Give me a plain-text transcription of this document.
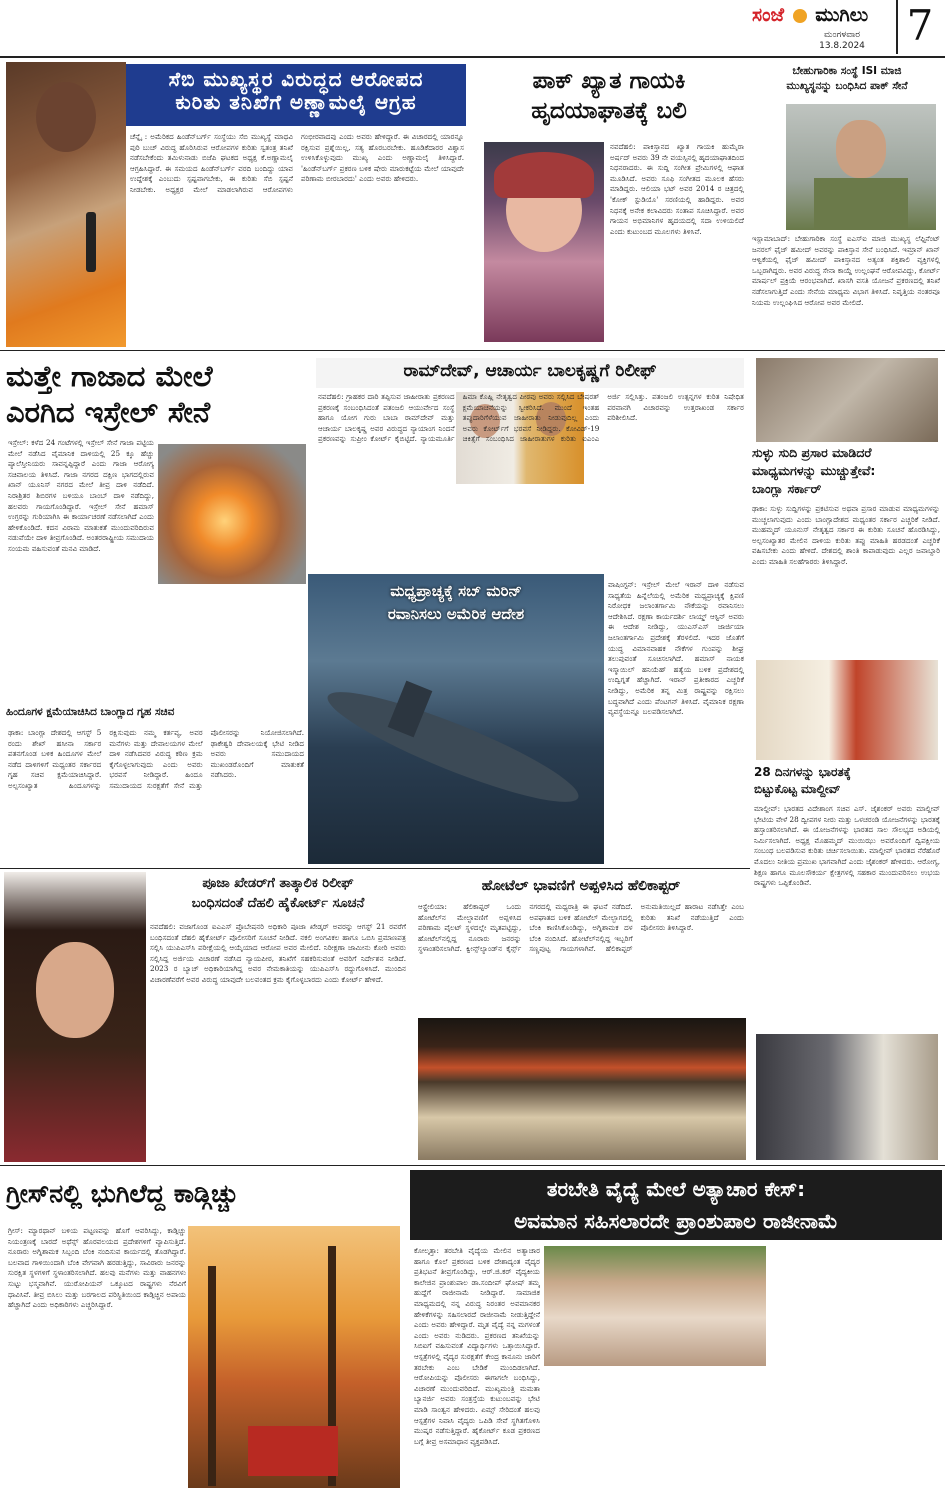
ಸಂಜೆ ಮುಗಿಲು
ಮಂಗಳವಾರ
13.8.2024 7
ಸೆಬಿ ಮುಖ್ಯಸ್ಥರ ವಿರುದ್ಧದ ಆರೋಪದ
ಕುರಿತು ತನಿಖೆಗೆ ಅಣ್ಣಾಮಲೈ ಆಗ್ರಹ
ಚೆನ್ನೈ : ಅಮೆರಿಕದ ಹಿಂಡೆನ್‌ಬರ್ಗ್ ಸಂಸ್ಥೆಯು ಸೆಬಿ ಮುಖ್ಯಸ್ಥೆ ಮಾಧವಿ ಪುರಿ ಬುಚ್ ವಿರುದ್ಧ ಹೊರಿಸಿರುವ ಆರೋಪಗಳ ಕುರಿತು ಸ್ವತಂತ್ರ ತನಿಖೆ ನಡೆಸಬೇಕೆಂದು ತಮಿಳುನಾಡು ಬಿಜೆಪಿ ಘಟಕದ ಅಧ್ಯಕ್ಷ ಕೆ.ಅಣ್ಣಾಮಲೈ ಆಗ್ರಹಿಸಿದ್ದಾರೆ. ಈ ಸಮಯದ ಹಿಂಡೆನ್‌ಬರ್ಗ್ ವರದಿ ಬಂದಿದ್ದು ಯಾವ ಉದ್ದೇಶಕ್ಕೆ ಎಂಬುದು ಸ್ಪಷ್ಟವಾಗಬೇಕು, ಈ ಕುರಿತು ಸೆಬಿ ಸ್ಪಷ್ಟನೆ ನೀಡಬೇಕು. ಅಧ್ಯಕ್ಷರ ಮೇಲೆ ಮಾಡಲಾಗಿರುವ ಆರೋಪಗಳು ಗಂಭೀರವಾದವು ಎಂದು ಅವರು ಹೇಳಿದ್ದಾರೆ. ಈ ವಿಚಾರದಲ್ಲಿ ಯಾರನ್ನೂ ರಕ್ಷಿಸುವ ಪ್ರಶ್ನೆಯಿಲ್ಲ, ಸತ್ಯ ಹೊರಬರಬೇಕು. ಹೂಡಿಕೆದಾರರ ವಿಶ್ವಾಸ ಉಳಿಸಿಕೊಳ್ಳುವುದು ಮುಖ್ಯ ಎಂದು ಅಣ್ಣಾಮಲೈ ತಿಳಿಸಿದ್ದಾರೆ. 'ಹಿಂಡೆನ್‌ಬರ್ಗ್ ಪ್ರಕರಣ ಬಳಿಕ ಷೇರು ಮಾರುಕಟ್ಟೆಯ ಮೇಲೆ ಯಾವುದೇ ಪರಿಣಾಮ ಬೀರಬಾರದು' ಎಂದು ಅವರು ಹೇಳಿದರು.
ಪಾಕ್ ಖ್ಯಾತ ಗಾಯಕಿ
ಹೃದಯಾಘಾತಕ್ಕೆ ಬಲಿ
ನವದೆಹಲಿ: ಪಾಕಿಸ್ತಾನದ ಖ್ಯಾತ ಗಾಯಕಿ ಹುಮೈರಾ ಅರ್ಷದ್ ಅವರು 39 ನೇ ವಯಸ್ಸಿನಲ್ಲಿ ಹೃದಯಾಘಾತದಿಂದ ನಿಧನರಾದರು. ಈ ಸುದ್ದಿ ಸಂಗೀತ ಪ್ರೇಮಿಗಳಲ್ಲಿ ಆಘಾತ ಮೂಡಿಸಿದೆ. ಅವರು ಸೂಫಿ ಸಂಗೀತದ ಮೂಲಕ ಹೆಸರು ಮಾಡಿದ್ದರು. ಆಲಿಯಾ ಭಟ್ ಅವರ 2014 ರ ಚಿತ್ರದಲ್ಲಿ 'ಕೋಕ್ ಸ್ಟುಡಿಯೊ' ಸರಣಿಯಲ್ಲಿ ಹಾಡಿದ್ದರು. ಅವರ ನಿಧನಕ್ಕೆ ಅನೇಕ ಕಲಾವಿದರು ಸಂತಾಪ ಸೂಚಿಸಿದ್ದಾರೆ. ಅವರ ಗಾಯನ ಅಭಿಮಾನಿಗಳ ಹೃದಯದಲ್ಲಿ ಸದಾ ಉಳಿಯಲಿದೆ ಎಂದು ಕುಟುಂಬದ ಮೂಲಗಳು ತಿಳಿಸಿವೆ.
ಬೇಹುಗಾರಿಕಾ ಸಂಸ್ಥೆ ISI ಮಾಜಿ
ಮುಖ್ಯಸ್ಥನನ್ನು ಬಂಧಿಸಿದ ಪಾಕ್ ಸೇನೆ
ಇಸ್ಲಾಮಾಬಾದ್: ಬೇಹುಗಾರಿಕಾ ಸಂಸ್ಥೆ ಐಎಸ್‌ಐ ಮಾಜಿ ಮುಖ್ಯಸ್ಥ ಲೆಫ್ಟಿನೆಂಟ್ ಜನರಲ್ ಫೈಜ್ ಹಮೀದ್ ಅವರನ್ನು ಪಾಕಿಸ್ತಾನ ಸೇನೆ ಬಂಧಿಸಿದೆ. ಇಮ್ರಾನ್ ಖಾನ್ ಆಳ್ವಿಕೆಯಲ್ಲಿ ಫೈಜ್ ಹಮೀದ್ ಪಾಕಿಸ್ತಾನದ ಅತ್ಯಂತ ಶಕ್ತಿಶಾಲಿ ವ್ಯಕ್ತಿಗಳಲ್ಲಿ ಒಬ್ಬರಾಗಿದ್ದರು. ಅವರ ವಿರುದ್ಧ ಸೇನಾ ಕಾಯ್ದೆ ಉಲ್ಲಂಘನೆ ಆರೋಪವಿದ್ದು, ಕೋರ್ಟ್ ಮಾರ್ಷಲ್ ಪ್ರಕ್ರಿಯೆ ಆರಂಭವಾಗಿದೆ. ಖಾಸಗಿ ವಸತಿ ಯೋಜನೆ ಪ್ರಕರಣದಲ್ಲಿ ತನಿಖೆ ನಡೆಸಲಾಗುತ್ತಿದೆ ಎಂದು ಸೇನೆಯ ಮಾಧ್ಯಮ ವಿಭಾಗ ತಿಳಿಸಿದೆ. ನಿವೃತ್ತಿಯ ನಂತರವೂ ನಿಯಮ ಉಲ್ಲಂಘಿಸಿದ ಆರೋಪ ಅವರ ಮೇಲಿದೆ.
ಮತ್ತೇ ಗಾಜಾದ ಮೇಲೆ
ಎರಗಿದ ಇಸ್ರೇಲ್ ಸೇನೆ
ಇಸ್ರೇಲ್: ಕಳೆದ 24 ಗಂಟೆಗಳಲ್ಲಿ ಇಸ್ರೇಲ್ ಸೇನೆ ಗಾಜಾ ಪಟ್ಟಿಯ ಮೇಲೆ ನಡೆಸಿದ ವೈಮಾನಿಕ ದಾಳಿಯಲ್ಲಿ 25 ಕ್ಕೂ ಹೆಚ್ಚು ಪ್ಯಾಲೆಸ್ತೀನಿಯರು ಸಾವನ್ನಪ್ಪಿದ್ದಾರೆ ಎಂದು ಗಾಜಾ ಆರೋಗ್ಯ ಸಚಿವಾಲಯ ತಿಳಿಸಿದೆ. ಗಾಜಾ ನಗರದ ದಕ್ಷಿಣ ಭಾಗದಲ್ಲಿರುವ ಖಾನ್ ಯೂನಿಸ್ ನಗರದ ಮೇಲೆ ತೀವ್ರ ದಾಳಿ ನಡೆದಿದೆ. ನಿರಾಶ್ರಿತರ ಶಿಬಿರಗಳ ಬಳಿಯೂ ಬಾಂಬ್ ದಾಳಿ ನಡೆದಿದ್ದು, ಹಲವರು ಗಾಯಗೊಂಡಿದ್ದಾರೆ. ಇಸ್ರೇಲ್ ಸೇನೆ ಹಮಾಸ್ ಉಗ್ರರನ್ನು ಗುರಿಯಾಗಿಸಿ ಈ ಕಾರ್ಯಾಚರಣೆ ನಡೆಸಲಾಗಿದೆ ಎಂದು ಹೇಳಿಕೊಂಡಿದೆ. ಕದನ ವಿರಾಮ ಮಾತುಕತೆ ಮುಂದುವರಿದಿರುವ ನಡುವೆಯೇ ದಾಳಿ ತೀವ್ರಗೊಂಡಿದೆ. ಅಂತರರಾಷ್ಟ್ರೀಯ ಸಮುದಾಯ ಸಂಯಮ ವಹಿಸುವಂತೆ ಮನವಿ ಮಾಡಿದೆ.
ರಾಮ್‌ದೇವ್, ಆಚಾರ್ಯ ಬಾಲಕೃಷ್ಣಗೆ ರಿಲೀಫ್
ನವದೆಹಲಿ: ಗ್ರಾಹಕರ ದಾರಿ ತಪ್ಪಿಸುವ ಜಾಹೀರಾತು ಪ್ರಕರಣದ ಪ್ರಕರಣಕ್ಕೆ ಸಂಬಂಧಿಸಿದಂತೆ ಪತಂಜಲಿ ಆಯುರ್ವೇದ ಸಂಸ್ಥೆ ಹಾಗೂ ಯೋಗ ಗುರು ಬಾಬಾ ರಾಮ್‌ದೇವ್ ಮತ್ತು ಆಚಾರ್ಯ ಬಾಲಕೃಷ್ಣ ಅವರ ವಿರುದ್ಧದ ನ್ಯಾಯಾಂಗ ನಿಂದನೆ ಪ್ರಕರಣವನ್ನು ಸುಪ್ರೀಂ ಕೋರ್ಟ್ ಕೈಬಿಟ್ಟಿದೆ. ನ್ಯಾಯಮೂರ್ತಿ ಹಿಮಾ ಕೊಹ್ಲಿ ನೇತೃತ್ವದ ಪೀಠವು ಅವರು ಸಲ್ಲಿಸಿದ ಬೇಷರತ್ ಕ್ಷಮೆಯಾಚನೆಯನ್ನು ಸ್ವೀಕರಿಸಿದೆ. ಮುಂದೆ ಇಂತಹ ತಪ್ಪುದಾರಿಗೆಳೆಯುವ ಜಾಹೀರಾತು ನೀಡುವುದಿಲ್ಲ ಎಂದು ಅವರು ಕೋರ್ಟ್‌ಗೆ ಭರವಸೆ ನೀಡಿದ್ದರು. ಕೋವಿಡ್-19 ಚಿಕಿತ್ಸೆಗೆ ಸಂಬಂಧಿಸಿದ ಜಾಹೀರಾತುಗಳ ಕುರಿತು ಐಎಂಎ ಅರ್ಜಿ ಸಲ್ಲಿಸಿತ್ತು. ಪತಂಜಲಿ ಉತ್ಪನ್ನಗಳ ಕುರಿತ ನಿಷೇಧಿತ ಪರವಾನಗಿ ವಿಚಾರವನ್ನು ಉತ್ತರಾಖಂಡ ಸರ್ಕಾರ ಪರಿಶೀಲಿಸಿದೆ.
ಸುಳ್ಳು ಸುದಿ ಪ್ರಸಾರ ಮಾಡಿದರೆ
ಮಾಧ್ಯಮಗಳನ್ನು ಮುಚ್ಚುತ್ತೇವೆ:
ಬಾಂಗ್ಲಾ ಸರ್ಕಾರ್
ಢಾಕಾ: ಸುಳ್ಳು ಸುದ್ದಿಗಳನ್ನು ಪ್ರಕಟಿಸುವ ಅಥವಾ ಪ್ರಸಾರ ಮಾಡುವ ಮಾಧ್ಯಮಗಳನ್ನು ಮುಚ್ಚಲಾಗುವುದು ಎಂದು ಬಾಂಗ್ಲಾದೇಶದ ಮಧ್ಯಂತರ ಸರ್ಕಾರ ಎಚ್ಚರಿಕೆ ನೀಡಿದೆ. ಮುಹಮ್ಮದ್ ಯೂನುಸ್ ನೇತೃತ್ವದ ಸರ್ಕಾರ ಈ ಕುರಿತು ಸೂಚನೆ ಹೊರಡಿಸಿದ್ದು, ಅಲ್ಪಸಂಖ್ಯಾತರ ಮೇಲಿನ ದಾಳಿಯ ಕುರಿತು ತಪ್ಪು ಮಾಹಿತಿ ಹರಡದಂತೆ ಎಚ್ಚರಿಕೆ ವಹಿಸಬೇಕು ಎಂದು ಹೇಳಿದೆ. ದೇಶದಲ್ಲಿ ಶಾಂತಿ ಕಾಪಾಡುವುದು ಎಲ್ಲರ ಜವಾಬ್ದಾರಿ ಎಂದು ಮಾಹಿತಿ ಸಲಹೆಗಾರರು ತಿಳಿಸಿದ್ದಾರೆ.
ಮಧ್ಯಪ್ರಾಚ್ಯಕ್ಕೆ ಸಬ್ ಮರಿನ್
ರವಾನಿಸಲು ಅಮೆರಿಕ ಆದೇಶ
ವಾಷಿಂಗ್ಟನ್: ಇಸ್ರೇಲ್ ಮೇಲೆ ಇರಾನ್ ದಾಳಿ ನಡೆಸುವ ಸಾಧ್ಯತೆಯ ಹಿನ್ನೆಲೆಯಲ್ಲಿ ಅಮೆರಿಕ ಮಧ್ಯಪ್ರಾಚ್ಯಕ್ಕೆ ಕ್ಷಿಪಣಿ ನಿರೋಧಕ ಜಲಾಂತರ್ಗಾಮಿ ನೌಕೆಯನ್ನು ರವಾನಿಸಲು ಆದೇಶಿಸಿದೆ. ರಕ್ಷಣಾ ಕಾರ್ಯದರ್ಶಿ ಲಾಯ್ಡ್ ಆಸ್ಟಿನ್ ಅವರು ಈ ಆದೇಶ ನೀಡಿದ್ದು, ಯುಎಸ್‌ಎಸ್ ಜಾರ್ಜಿಯಾ ಜಲಾಂತರ್ಗಾಮಿ ಪ್ರದೇಶಕ್ಕೆ ತೆರಳಲಿದೆ. ಇದರ ಜೊತೆಗೆ ಯುದ್ಧ ವಿಮಾನವಾಹಕ ನೌಕೆಗಳ ಗುಂಪನ್ನು ಶೀಘ್ರ ತಲುಪುವಂತೆ ಸೂಚಿಸಲಾಗಿದೆ. ಹಮಾಸ್ ನಾಯಕ ಇಸ್ಮಾಯಿಲ್ ಹನಿಯೆಹ್ ಹತ್ಯೆಯ ಬಳಿಕ ಪ್ರದೇಶದಲ್ಲಿ ಉದ್ವಿಗ್ನತೆ ಹೆಚ್ಚಾಗಿದೆ. ಇರಾನ್ ಪ್ರತೀಕಾರದ ಎಚ್ಚರಿಕೆ ನೀಡಿದ್ದು, ಅಮೆರಿಕ ತನ್ನ ಮಿತ್ರ ರಾಷ್ಟ್ರವನ್ನು ರಕ್ಷಿಸಲು ಬದ್ಧವಾಗಿದೆ ಎಂದು ಪೆಂಟಗನ್ ತಿಳಿಸಿದೆ. ವೈಮಾನಿಕ ರಕ್ಷಣಾ ವ್ಯವಸ್ಥೆಯನ್ನೂ ಬಲಪಡಿಸಲಾಗಿದೆ.
ಹಿಂದೂಗಳ ಕ್ಷಮೆಯಾಚಿಸಿದ ಬಾಂಗ್ಲಾದ ಗೃಹ ಸಚಿವ
ಢಾಕಾ: ಬಾಂಗ್ಲಾ ದೇಶದಲ್ಲಿ ಆಗಸ್ಟ್ 5 ರಂದು ಶೇಖ್ ಹಸೀನಾ ಸರ್ಕಾರ ಪತನಗೊಂಡ ಬಳಿಕ ಹಿಂದೂಗಳ ಮೇಲೆ ನಡೆದ ದಾಳಿಗಳಿಗೆ ಮಧ್ಯಂತರ ಸರ್ಕಾರದ ಗೃಹ ಸಚಿವ ಕ್ಷಮೆಯಾಚಿಸಿದ್ದಾರೆ. ಅಲ್ಪಸಂಖ್ಯಾತ ಹಿಂದೂಗಳನ್ನು ರಕ್ಷಿಸುವುದು ನಮ್ಮ ಕರ್ತವ್ಯ, ಅವರ ಮನೆಗಳು ಮತ್ತು ದೇವಾಲಯಗಳ ಮೇಲೆ ದಾಳಿ ನಡೆಸಿದವರ ವಿರುದ್ಧ ಕಠಿಣ ಕ್ರಮ ಕೈಗೊಳ್ಳಲಾಗುವುದು ಎಂದು ಅವರು ಭರವಸೆ ನೀಡಿದ್ದಾರೆ. ಹಿಂದೂ ಸಮುದಾಯದ ಸುರಕ್ಷತೆಗೆ ಸೇನೆ ಮತ್ತು ಪೊಲೀಸರನ್ನು ನಿಯೋಜಿಸಲಾಗಿದೆ. ಢಾಕೇಶ್ವರಿ ದೇವಾಲಯಕ್ಕೆ ಭೇಟಿ ನೀಡಿದ ಅವರು ಸಮುದಾಯದ ಮುಖಂಡರೊಂದಿಗೆ ಮಾತುಕತೆ ನಡೆಸಿದರು.	28 ದಿನಗಳನ್ನು ಭಾರತಕ್ಕೆ
ಬಿಟ್ಟುಕೊಟ್ಟ ಮಾಲ್ದೀವ್
ಮಾಲ್ದೀವ್: ಭಾರತದ ವಿದೇಶಾಂಗ ಸಚಿವ ಎಸ್. ಜೈಶಂಕರ್ ಅವರು ಮಾಲ್ದೀವ್ ಭೇಟಿಯ ವೇಳೆ 28 ದ್ವೀಪಗಳ ನೀರು ಮತ್ತು ಒಳಚರಂಡಿ ಯೋಜನೆಗಳನ್ನು ಭಾರತಕ್ಕೆ ಹಸ್ತಾಂತರಿಸಲಾಗಿದೆ. ಈ ಯೋಜನೆಗಳನ್ನು ಭಾರತದ ಸಾಲ ಸೌಲಭ್ಯದ ಅಡಿಯಲ್ಲಿ ನಿರ್ಮಿಸಲಾಗಿದೆ. ಅಧ್ಯಕ್ಷ ಮೊಹಮ್ಮದ್ ಮುಯಿಝು ಅವರೊಂದಿಗೆ ದ್ವಿಪಕ್ಷೀಯ ಸಂಬಂಧ ಬಲಪಡಿಸುವ ಕುರಿತು ಚರ್ಚಿಸಲಾಯಿತು. ಮಾಲ್ದೀವ್ ಭಾರತದ ನೆರೆಹೊರೆ ಮೊದಲು ನೀತಿಯ ಪ್ರಮುಖ ಭಾಗವಾಗಿದೆ ಎಂದು ಜೈಶಂಕರ್ ಹೇಳಿದರು. ಆರೋಗ್ಯ, ಶಿಕ್ಷಣ ಹಾಗೂ ಮೂಲಸೌಕರ್ಯ ಕ್ಷೇತ್ರಗಳಲ್ಲಿ ಸಹಕಾರ ಮುಂದುವರಿಸಲು ಉಭಯ ರಾಷ್ಟ್ರಗಳು ಒಪ್ಪಿಕೊಂಡಿವೆ.
ಪೂಜಾ ಖೇಡರ್‌ಗೆ ತಾತ್ಕಾಲಿಕ ರಿಲೀಫ್
ಬಂಧಿಸದಂತೆ ದೆಹಲಿ ಹೈಕೋರ್ಟ್ ಸೂಚನೆ
ನವದೆಹಲಿ: ವಜಾಗೊಂಡ ಐಎಎಸ್ ಪ್ರೊಬೇಷನರಿ ಅಧಿಕಾರಿ ಪೂಜಾ ಖೇಡ್ಕರ್ ಅವರನ್ನು ಆಗಸ್ಟ್ 21 ರವರೆಗೆ ಬಂಧಿಸದಂತೆ ದೆಹಲಿ ಹೈಕೋರ್ಟ್ ಪೊಲೀಸರಿಗೆ ಸೂಚನೆ ನೀಡಿದೆ. ನಕಲಿ ಅಂಗವಿಕಲ ಹಾಗೂ ಒಬಿಸಿ ಪ್ರಮಾಣಪತ್ರ ಸಲ್ಲಿಸಿ ಯುಪಿಎಸ್‌ಸಿ ಪರೀಕ್ಷೆಯಲ್ಲಿ ಆಯ್ಕೆಯಾದ ಆರೋಪ ಅವರ ಮೇಲಿದೆ. ನಿರೀಕ್ಷಣಾ ಜಾಮೀನು ಕೋರಿ ಅವರು ಸಲ್ಲಿಸಿದ್ದ ಅರ್ಜಿಯ ವಿಚಾರಣೆ ನಡೆಸಿದ ನ್ಯಾಯಪೀಠ, ತನಿಖೆಗೆ ಸಹಕರಿಸುವಂತೆ ಅವರಿಗೆ ನಿರ್ದೇಶನ ನೀಡಿದೆ. 2023 ರ ಬ್ಯಾಚ್ ಅಧಿಕಾರಿಯಾಗಿದ್ದ ಅವರ ನೇಮಕಾತಿಯನ್ನು ಯುಪಿಎಸ್‌ಸಿ ರದ್ದುಗೊಳಿಸಿದೆ. ಮುಂದಿನ ವಿಚಾರಣೆವರೆಗೆ ಅವರ ವಿರುದ್ಧ ಯಾವುದೇ ಬಲವಂತದ ಕ್ರಮ ಕೈಗೊಳ್ಳಬಾರದು ಎಂದು ಕೋರ್ಟ್ ಹೇಳಿದೆ.
ಹೋಟೆಲ್ ಭಾವಣಿಗೆ ಅಪ್ಪಳಿಸಿದ ಹೆಲಿಕಾಪ್ಟರ್
ಆಸ್ಟ್ರೇಲಿಯಾ: ಹೆಲಿಕಾಪ್ಟರ್ ಒಂದು ಹೋಟೆಲ್‌ನ ಮೇಲ್ಛಾವಣಿಗೆ ಅಪ್ಪಳಿಸಿದ ಪರಿಣಾಮ ಪೈಲಟ್ ಸ್ಥಳದಲ್ಲೇ ಮೃತಪಟ್ಟಿದ್ದು, ಹೋಟೆಲ್‌ನಲ್ಲಿದ್ದ ನೂರಾರು ಜನರನ್ನು ಸ್ಥಳಾಂತರಿಸಲಾಗಿದೆ. ಕ್ವೀನ್ಸ್‌ಲ್ಯಾಂಡ್‌ನ ಕೈರ್ನ್ಸ್ ನಗರದಲ್ಲಿ ಮಧ್ಯರಾತ್ರಿ ಈ ಘಟನೆ ನಡೆದಿದೆ. ಅಪಘಾತದ ಬಳಿಕ ಹೋಟೆಲ್ ಮೇಲ್ಭಾಗದಲ್ಲಿ ಬೆಂಕಿ ಕಾಣಿಸಿಕೊಂಡಿದ್ದು, ಅಗ್ನಿಶಾಮಕ ದಳ ಬೆಂಕಿ ನಂದಿಸಿದೆ. ಹೋಟೆಲ್‌ನಲ್ಲಿದ್ದ ಇಬ್ಬರಿಗೆ ಸಣ್ಣಪುಟ್ಟ ಗಾಯಗಳಾಗಿವೆ. ಹೆಲಿಕಾಪ್ಟರ್ ಅನುಮತಿಯಿಲ್ಲದೆ ಹಾರಾಟ ನಡೆಸಿತ್ತೇ ಎಂಬ ಕುರಿತು ತನಿಖೆ ನಡೆಯುತ್ತಿದೆ ಎಂದು ಪೊಲೀಸರು ತಿಳಿಸಿದ್ದಾರೆ.
ಗ್ರೀಸ್‌ನಲ್ಲಿ ಭುಗಿಲೆದ್ದ ಕಾಡ್ಗಿಚ್ಚು
ಗ್ರೀಸ್: ಮ್ಯಾರಥಾನ್ ಬಳಿಯ ಪಟ್ಟಣವನ್ನು ಹೊಗೆ ಆವರಿಸಿದ್ದು, ಕಾಡ್ಗಿಚ್ಚು ನಿಯಂತ್ರಣಕ್ಕೆ ಬಾರದೆ ಅಥೆನ್ಸ್ ಹೊರವಲಯದ ಪ್ರದೇಶಗಳಿಗೆ ವ್ಯಾಪಿಸುತ್ತಿದೆ. ನೂರಾರು ಅಗ್ನಿಶಾಮಕ ಸಿಬ್ಬಂದಿ ಬೆಂಕಿ ನಂದಿಸುವ ಕಾರ್ಯದಲ್ಲಿ ತೊಡಗಿದ್ದಾರೆ. ಬಲವಾದ ಗಾಳಿಯಿಂದಾಗಿ ಬೆಂಕಿ ವೇಗವಾಗಿ ಹರಡುತ್ತಿದ್ದು, ಸಾವಿರಾರು ಜನರನ್ನು ಸುರಕ್ಷಿತ ಸ್ಥಳಗಳಿಗೆ ಸ್ಥಳಾಂತರಿಸಲಾಗಿದೆ. ಹಲವು ಮನೆಗಳು ಮತ್ತು ವಾಹನಗಳು ಸುಟ್ಟು ಭಸ್ಮವಾಗಿವೆ. ಯುರೋಪಿಯನ್ ಒಕ್ಕೂಟದ ರಾಷ್ಟ್ರಗಳು ನೆರವಿಗೆ ಧಾವಿಸಿವೆ. ತೀವ್ರ ಬಿಸಿಲು ಮತ್ತು ಬರಗಾಲದ ಪರಿಸ್ಥಿತಿಯಿಂದ ಕಾಡ್ಗಿಚ್ಚಿನ ಅಪಾಯ ಹೆಚ್ಚಾಗಿದೆ ಎಂದು ಅಧಿಕಾರಿಗಳು ಎಚ್ಚರಿಸಿದ್ದಾರೆ.
ತರಬೇತಿ ವೈದ್ಯೆ ಮೇಲೆ ಅತ್ಯಾಚಾರ ಕೇಸ್:
ಅವಮಾನ ಸಹಿಸಲಾರದೇ ಪ್ರಾಂಶುಪಾಲ ರಾಜೀನಾಮೆ
ಕೋಲ್ಕತ್ತಾ: ತರಬೇತಿ ವೈದ್ಯೆಯ ಮೇಲಿನ ಅತ್ಯಾಚಾರ ಹಾಗೂ ಕೊಲೆ ಪ್ರಕರಣದ ಬಳಿಕ ದೇಶಾದ್ಯಂತ ವೈದ್ಯರ ಪ್ರತಿಭಟನೆ ತೀವ್ರಗೊಂಡಿದ್ದು, ಆರ್.ಜಿ.ಕರ್ ವೈದ್ಯಕೀಯ ಕಾಲೇಜಿನ ಪ್ರಾಂಶುಪಾಲ ಡಾ.ಸಂದೀಪ್ ಘೋಷ್ ತಮ್ಮ ಹುದ್ದೆಗೆ ರಾಜೀನಾಮೆ ನೀಡಿದ್ದಾರೆ. ಸಾಮಾಜಿಕ ಮಾಧ್ಯಮದಲ್ಲಿ ನನ್ನ ವಿರುದ್ಧ ನಿರಂತರ ಅವಮಾನಕರ ಹೇಳಿಕೆಗಳನ್ನು ಸಹಿಸಲಾರದೆ ರಾಜೀನಾಮೆ ನೀಡುತ್ತಿದ್ದೇನೆ ಎಂದು ಅವರು ಹೇಳಿದ್ದಾರೆ. ಮೃತ ವೈದ್ಯೆ ನನ್ನ ಮಗಳಂತೆ ಎಂದು ಅವರು ನುಡಿದರು. ಪ್ರಕರಣದ ತನಿಖೆಯನ್ನು ಸಿಬಿಐಗೆ ವಹಿಸುವಂತೆ ವಿದ್ಯಾರ್ಥಿಗಳು ಒತ್ತಾಯಿಸಿದ್ದಾರೆ. ಆಸ್ಪತ್ರೆಗಳಲ್ಲಿ ವೈದ್ಯರ ಸುರಕ್ಷತೆಗೆ ಕೇಂದ್ರ ಕಾನೂನು ಜಾರಿಗೆ ತರಬೇಕು ಎಂಬ ಬೇಡಿಕೆ ಮುಂದಿಡಲಾಗಿದೆ. ಆರೋಪಿಯನ್ನು ಪೊಲೀಸರು ಈಗಾಗಲೇ ಬಂಧಿಸಿದ್ದು, ವಿಚಾರಣೆ ಮುಂದುವರಿದಿದೆ. ಮುಖ್ಯಮಂತ್ರಿ ಮಮತಾ ಬ್ಯಾನರ್ಜಿ ಅವರು ಸಂತ್ರಸ್ತೆಯ ಕುಟುಂಬವನ್ನು ಭೇಟಿ ಮಾಡಿ ಸಾಂತ್ವನ ಹೇಳಿದರು. ಏಮ್ಸ್ ಸೇರಿದಂತೆ ಹಲವು ಆಸ್ಪತ್ರೆಗಳ ನಿವಾಸಿ ವೈದ್ಯರು ಒಪಿಡಿ ಸೇವೆ ಸ್ಥಗಿತಗೊಳಿಸಿ ಮುಷ್ಕರ ನಡೆಸುತ್ತಿದ್ದಾರೆ. ಹೈಕೋರ್ಟ್ ಕೂಡ ಪ್ರಕರಣದ ಬಗ್ಗೆ ತೀವ್ರ ಅಸಮಾಧಾನ ವ್ಯಕ್ತಪಡಿಸಿದೆ.
